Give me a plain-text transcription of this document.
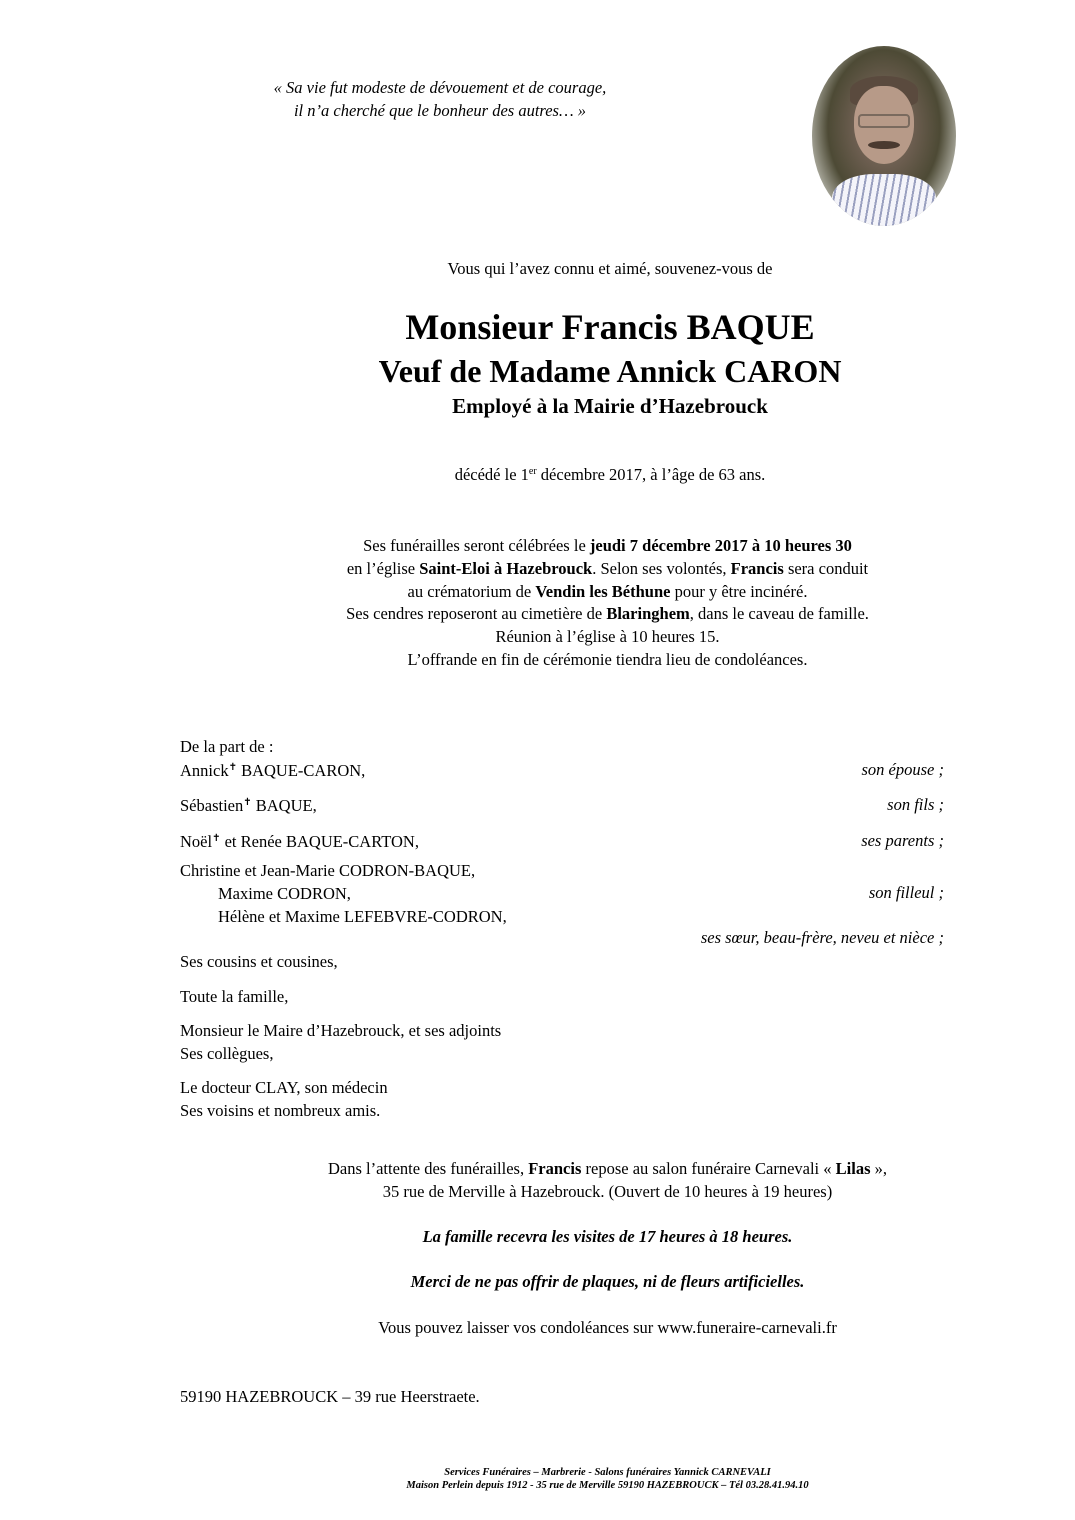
« Sa vie fut modeste de dévouement et de courage,
il n’a cherché que le bonheur des autres… »
Vous qui l’avez connu et aimé, souvenez-vous de
Monsieur Francis BAQUE
Veuf de Madame Annick CARON
Employé à la Mairie d’Hazebrouck
décédé le 1er décembre 2017, à l’âge de 63 ans.
Ses funérailles seront célébrées le jeudi 7 décembre 2017 à 10 heures 30
en l’église Saint-Eloi à Hazebrouck. Selon ses volontés, Francis sera conduit
au crématorium de Vendin les Béthune pour y être incinéré.
Ses cendres reposeront au cimetière de Blaringhem, dans le caveau de famille.
Réunion à l’église à 10 heures 15.
L’offrande en fin de cérémonie tiendra lieu de condoléances.
De la part de :
Annick✝ BAQUE-CARON,	son épouse ;
Sébastien✝ BAQUE,	son fils ;
Noël✝ et Renée BAQUE-CARTON,	ses parents ;
Christine et Jean-Marie CODRON-BAQUE,
Maxime CODRON,	son filleul ;
Hélène et Maxime LEFEBVRE-CODRON,
ses sœur, beau-frère, neveu et nièce ;
Ses cousins et cousines,
Toute la famille,
Monsieur le Maire d’Hazebrouck, et ses adjoints
Ses collègues,
Le docteur CLAY, son médecin
Ses voisins et nombreux amis.
Dans l’attente des funérailles, Francis repose au salon funéraire Carnevali « Lilas »,
35 rue de Merville à Hazebrouck. (Ouvert de 10 heures à 19 heures)
La famille recevra les visites de 17 heures à 18 heures.
Merci de ne pas offrir de plaques, ni de fleurs artificielles.
Vous pouvez laisser vos condoléances sur www.funeraire-carnevali.fr
59190 HAZEBROUCK – 39 rue Heerstraete.
Services Funéraires – Marbrerie - Salons funéraires Yannick CARNEVALI
Maison Perlein depuis 1912 - 35 rue de Merville 59190 HAZEBROUCK – Tél 03.28.41.94.10
